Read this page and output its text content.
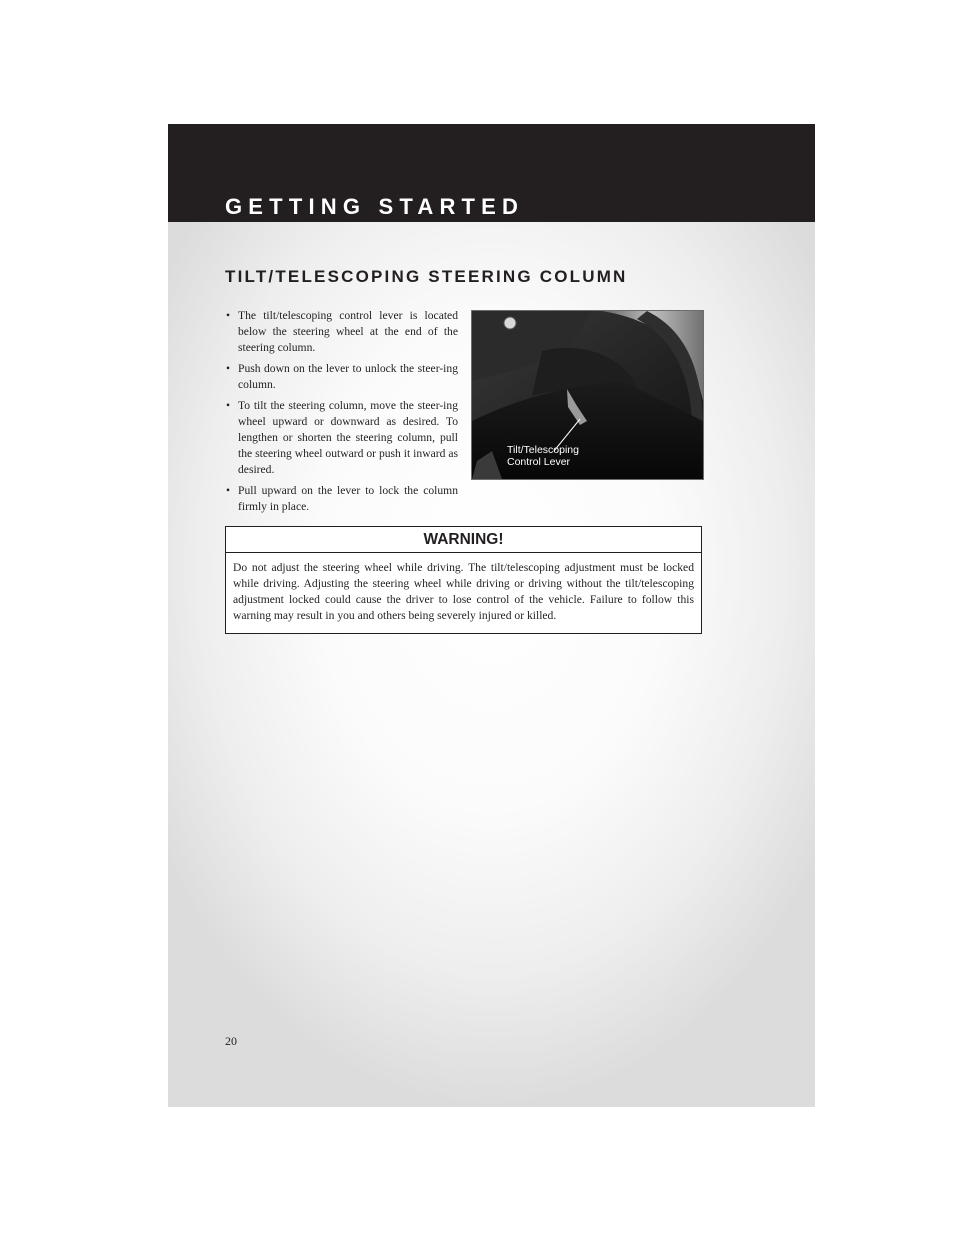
GETTING STARTED
TILT/TELESCOPING STEERING COLUMN
• The tilt/telescoping control lever is located below the steering wheel at the end of the steering column.
• Push down on the lever to unlock the steer-ing column.
• To tilt the steering column, move the steer-ing wheel upward or downward as desired. To lengthen or shorten the steering column, pull the steering wheel outward or push it inward as desired.
• Pull upward on the lever to lock the column firmly in place.
Tilt/Telescoping
Control Lever
WARNING!
Do not adjust the steering wheel while driving. The tilt/telescoping adjustment must be locked while driving. Adjusting the steering wheel while driving or driving without the tilt/telescoping adjustment locked could cause the driver to lose control of the vehicle. Failure to follow this warning may result in you and others being severely injured or killed.
20
